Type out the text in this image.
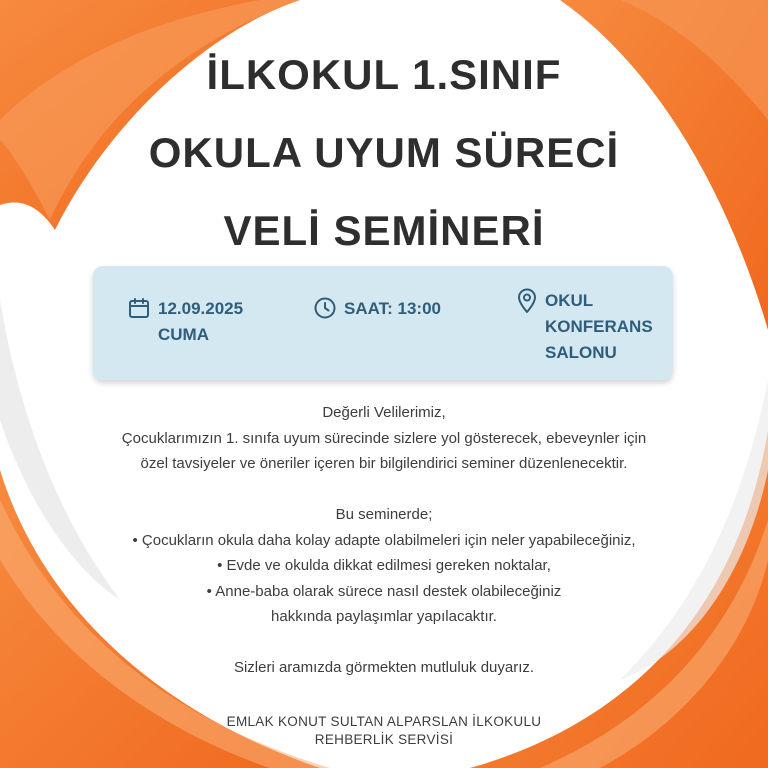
İLKOKUL 1.SINIF
OKULA UYUM SÜRECİ
VELİ SEMİNERİ
12.09.2025
CUMA
SAAT: 13:00	OKUL
KONFERANS
SALONU
Değerli Velilerimiz,
Çocuklarımızın 1. sınıfa uyum sürecinde sizlere yol gösterecek, ebeveynler için
özel tavsiyeler ve öneriler içeren bir bilgilendirici seminer düzenlenecektir.
Bu seminerde;
• Çocukların okula daha kolay adapte olabilmeleri için neler yapabileceğiniz,
• Evde ve okulda dikkat edilmesi gereken noktalar,
• Anne-baba olarak sürece nasıl destek olabileceğiniz
hakkında paylaşımlar yapılacaktır.
Sizleri aramızda görmekten mutluluk duyarız.
EMLAK KONUT SULTAN ALPARSLAN İLKOKULU
REHBERLİK SERVİSİ
